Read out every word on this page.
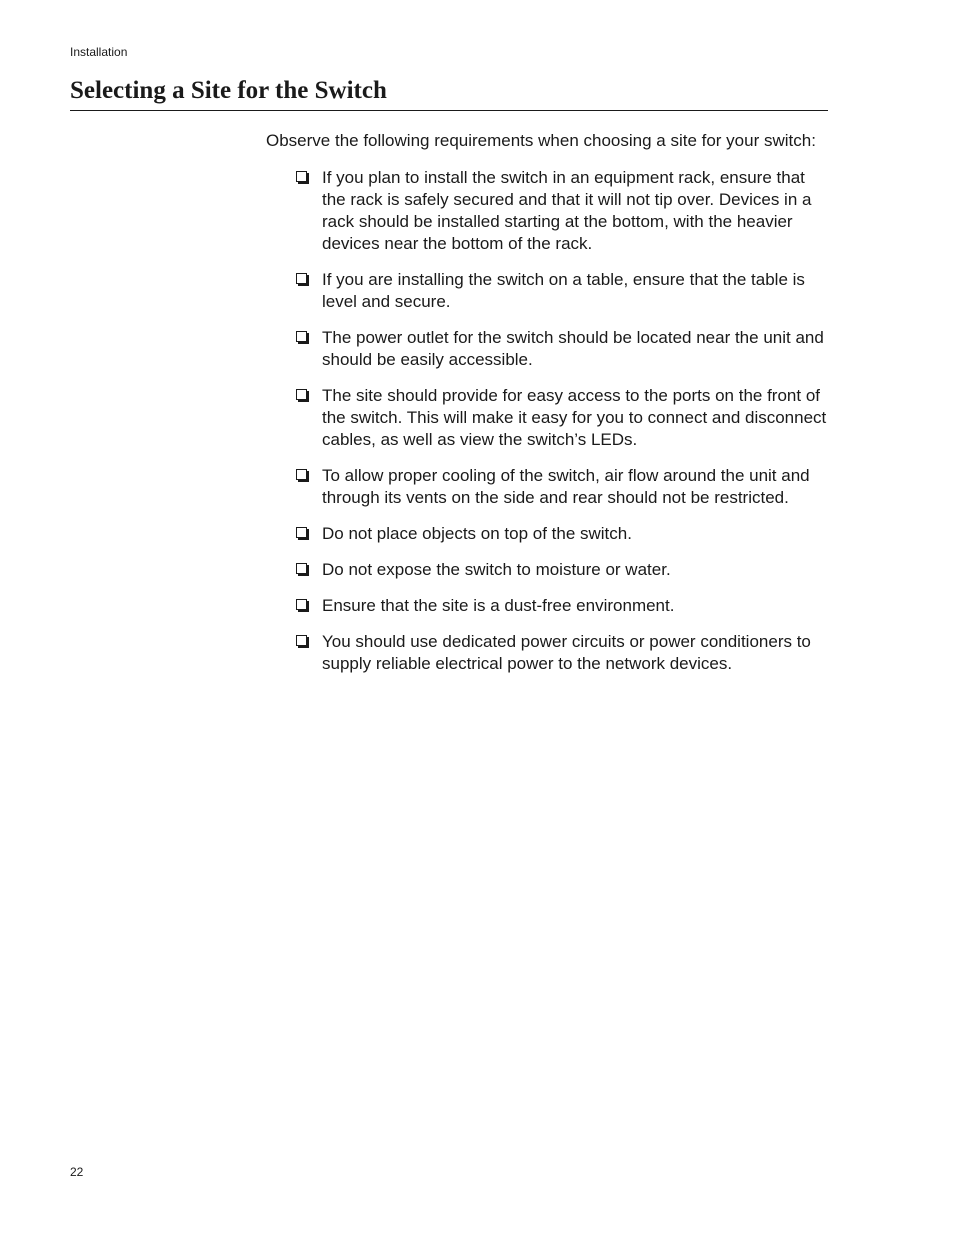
Installation
Selecting a Site for the Switch

Observe the following requirements when choosing a site for your switch:

If you plan to install the switch in an equipment rack, ensure that the rack is safely secured and that it will not tip over. Devices in a rack should be installed starting at the bottom, with the heavier devices near the bottom of the rack.
If you are installing the switch on a table, ensure that the table is level and secure.
The power outlet for the switch should be located near the unit and should be easily accessible.
The site should provide for easy access to the ports on the front of the switch. This will make it easy for you to connect and disconnect cables, as well as view the switch’s LEDs.
To allow proper cooling of the switch, air flow around the unit and through its vents on the side and rear should not be restricted.
Do not place objects on top of the switch.
Do not expose the switch to moisture or water.
Ensure that the site is a dust-free environment.
You should use dedicated power circuits or power conditioners to supply reliable electrical power to the network devices.
22
